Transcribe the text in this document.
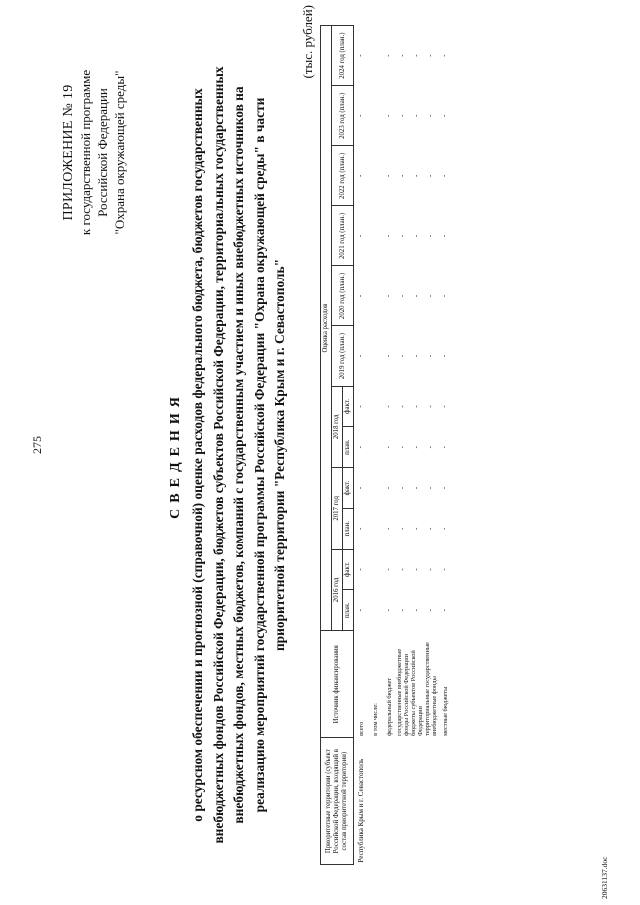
275
ПРИЛОЖЕНИЕ № 19 к государственной программе Российской Федерации "Охрана окружающей среды"
СВЕДЕНИЯ о ресурсном обеспечении и прогнозной (справочной) оценке расходов федерального бюджета, бюджетов государственных внебюджетных фондов Российской Федерации, бюджетов субъектов Российской Федерации, территориальных государственных внебюджетных фондов, местных бюджетов, компаний с государственным участием и иных внебюджетных источников на реализацию мероприятий государственной программы Российской Федерации "Охрана окружающей среды" в части приоритетной территории "Республика Крым и г. Севастополь"
(тыс. рублей)
Приоритетные территории (субъект Российской Федерации, входящий в состав приоритетной территории)	Источник финансирования	Оценка расходов											
		2016 год		2017 год		2018 год		2019 год (план.)	2020 год (план.)	2021 год (план.)	2022 год (план.)	2023 год (план.)	2024 год (план.)
		план.	факт.	план.	факт.	план.	факт.						
Республика Крым и г. Севастополь	всего	-	-	-	-	-	-	-	-	-	-	-	-
	в том числе:												
	федеральный бюджет	-	-	-	-	-	-	-	-	-	-	-	-
	государственные внебюджетные фонды Российской Федерации	-	-	-	-	-	-	-	-	-	-	-	-
	бюджеты субъектов Российской Федерации	-	-	-	-	-	-	-	-	-	-	-	-
	территориальные государственные внебюджетные фонды	-	-	-	-	-	-	-	-	-	-	-	-
	местные бюджеты	-	-	-	-	-	-	-	-	-	-	-	-
20631137.doc
